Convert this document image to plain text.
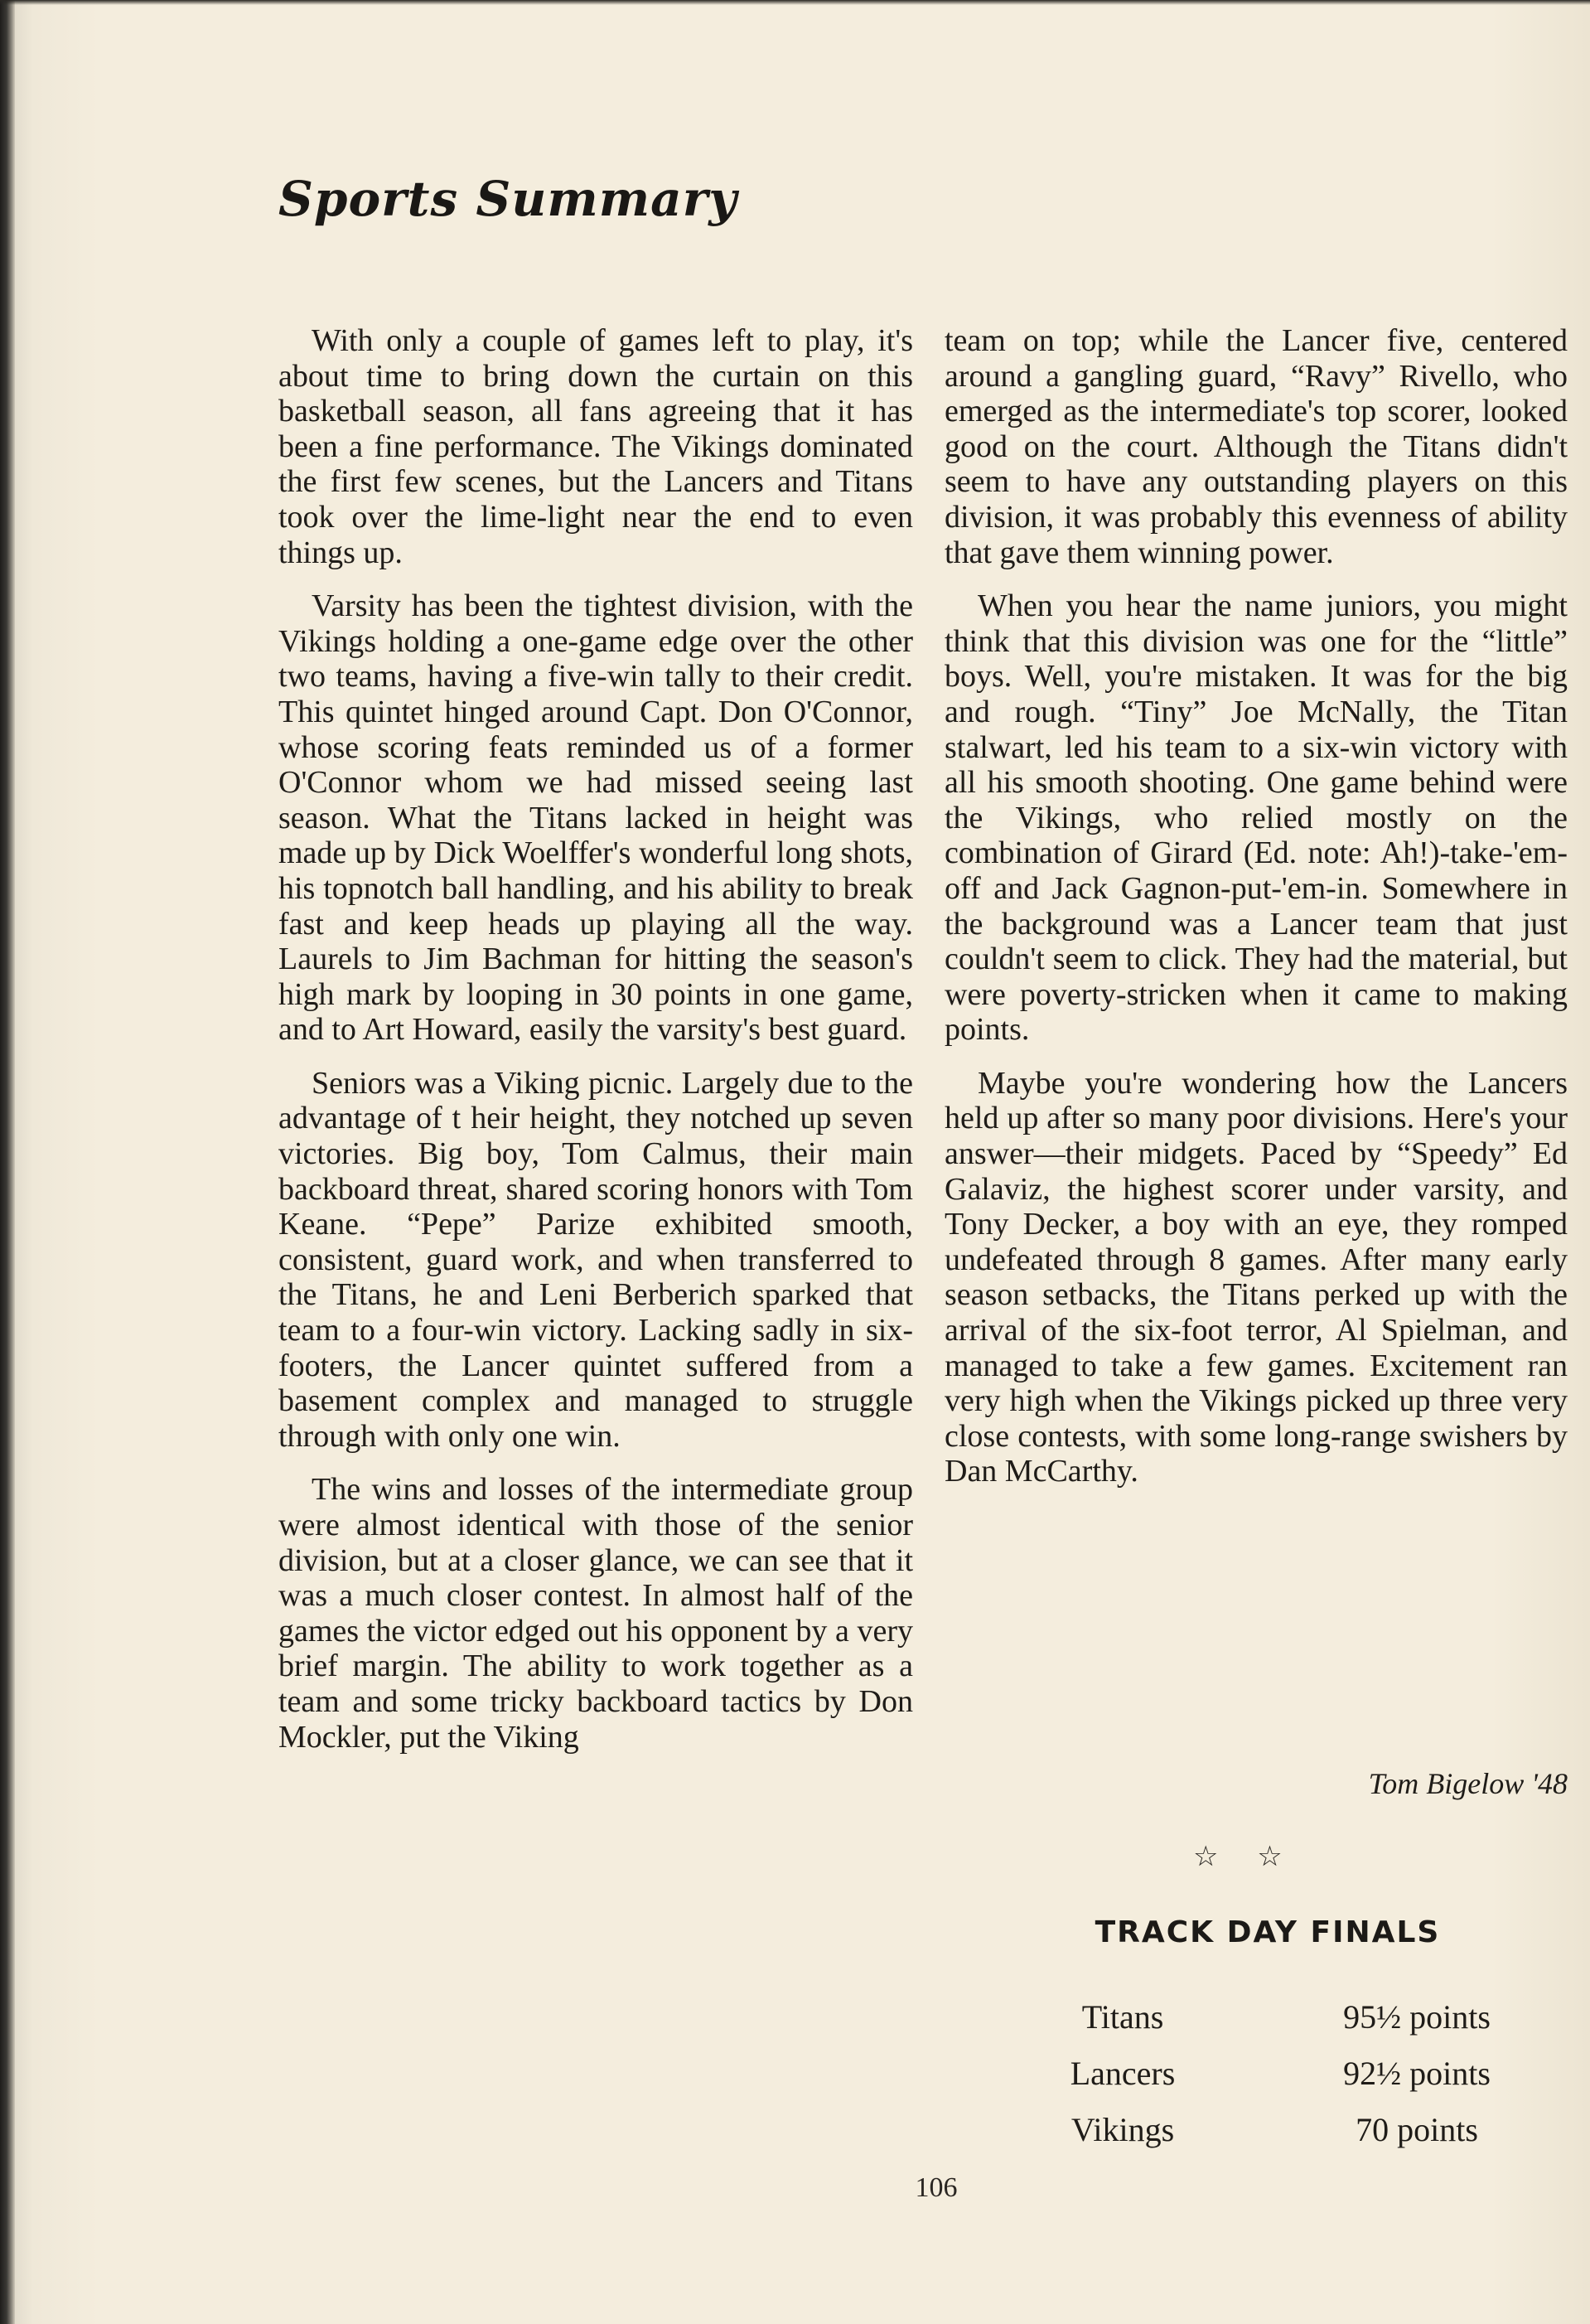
Sports Summary

With only a couple of games left to play, it's about time to bring down the curtain on this basketball season, all fans agreeing that it has been a fine performance. The Vikings dominated the first few scenes, but the Lancers and Titans took over the lime-light near the end to even things up.

Varsity has been the tightest division, with the Vikings holding a one-game edge over the other two teams, having a five-win tally to their credit. This quintet hinged around Capt. Don O'Connor, whose scoring feats reminded us of a former O'Connor whom we had missed seeing last season. What the Titans lacked in height was made up by Dick Woelffer's wonderful long shots, his topnotch ball handling, and his ability to break fast and keep heads up playing all the way. Laurels to Jim Bachman for hitting the season's high mark by looping in 30 points in one game, and to Art Howard, easily the varsity's best guard.

Seniors was a Viking picnic. Largely due to the advantage of t heir height, they notched up seven victories. Big boy, Tom Calmus, their main backboard threat, shared scoring honors with Tom Keane. “Pepe” Parize exhibited smooth, consistent, guard work, and when transferred to the Titans, he and Leni Berberich sparked that team to a four-win victory. Lacking sadly in six-footers, the Lancer quintet suffered from a basement complex and managed to struggle through with only one win.

The wins and losses of the intermediate group were almost identical with those of the senior division, but at a closer glance, we can see that it was a much closer contest. In almost half of the games the victor edged out his opponent by a very brief margin. The ability to work together as a team and some tricky backboard tactics by Don Mockler, put the Viking

team on top; while the Lancer five, centered around a gangling guard, “Ravy” Rivello, who emerged as the intermediate's top scorer, looked good on the court. Although the Titans didn't seem to have any outstanding players on this division, it was probably this evenness of ability that gave them winning power.

When you hear the name juniors, you might think that this division was one for the “little” boys. Well, you're mistaken. It was for the big and rough. “Tiny” Joe McNally, the Titan stalwart, led his team to a six-win victory with all his smooth shooting. One game behind were the Vikings, who relied mostly on the combination of Girard (Ed. note: Ah!)-take-'em-off and Jack Gagnon-put-'em-in. Somewhere in the background was a Lancer team that just couldn't seem to click. They had the material, but were poverty-stricken when it came to making points.

Maybe you're wondering how the Lancers held up after so many poor divisions. Here's your answer—their midgets. Paced by “Speedy” Ed Galaviz, the highest scorer under varsity, and Tony Decker, a boy with an eye, they romped undefeated through 8 games. After many early season setbacks, the Titans perked up with the arrival of the six-foot terror, Al Spielman, and managed to take a few games. Excitement ran very high when the Vikings picked up three very close contests, with some long-range swishers by Dan McCarthy.

Tom Bigelow '48
☆ ☆
TRACK DAY FINALS
Titans	95½ points
Lancers	92½ points
Vikings	70 points
106
